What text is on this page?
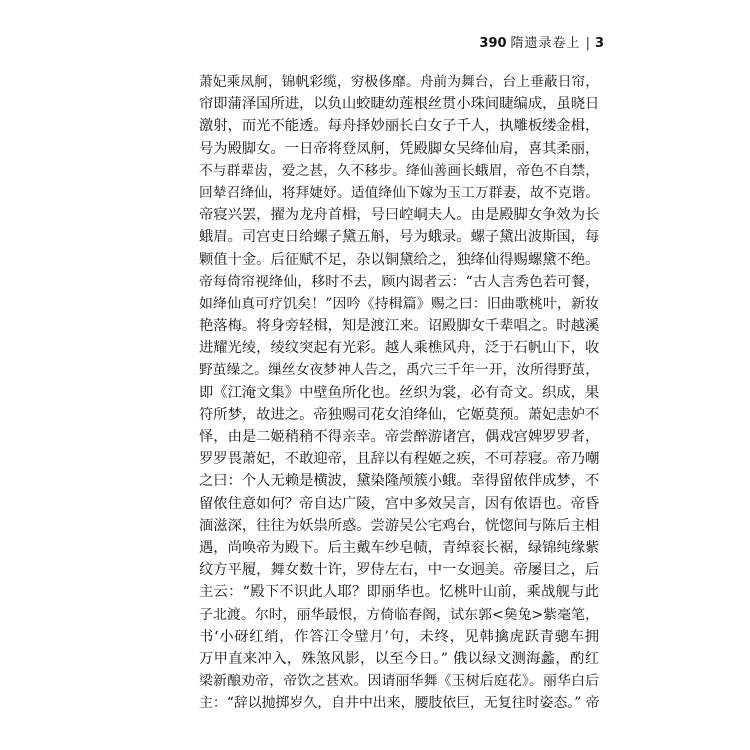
390 隋遗录卷上 | 3
萧妃乘凤舸，锦帆彩缆，穷极侈靡。舟前为舞台，台上垂蔽日帘，
帘即蒲泽国所进，以负山蛟睫幼莲根丝贯小珠间睫编成，虽晓日
激射，而光不能透。每舟择妙丽长白女子千人，执雕板缕金楫，
号为殿脚女。一日帝将登凤舸，凭殿脚女吴绛仙肩，喜其柔丽，
不与群辈齿，爱之甚，久不移步。绛仙善画长蛾眉，帝色不自禁，
回辇召绛仙，将拜婕妤。适值绛仙下嫁为玉工万群妻，故不克谐。
帝寝兴罢，擢为龙舟首楫，号曰崆峒夫人。由是殿脚女争效为长
蛾眉。司宫吏日给螺子黛五斛，号为蛾录。螺子黛出波斯国，每
颗值十金。后征赋不足，杂以铜黛给之，独绛仙得赐螺黛不绝。
帝每倚帘视绛仙，移时不去，顾内谒者云：“古人言秀色若可餐，
如绛仙真可疗饥矣！”因吟《持楫篇》赐之曰：旧曲歌桃叶，新妆
艳落梅。将身旁轻楫，知是渡江来。诏殿脚女千辈唱之。时越溪
进耀光绫，绫纹突起有光彩。越人乘樵风舟，泛于石帆山下，收
野茧缲之。缫丝女夜梦神人告之，禹穴三千年一开，汝所得野茧，
即《江淹文集》中壁鱼所化也。丝织为裳，必有奇文。织成，果
符所梦，故进之。帝独赐司花女洎绛仙，它姬莫预。萧妃恚妒不
怿，由是二姬稍稍不得亲幸。帝尝醉游诸宫，偶戏宫婢罗罗者，
罗罗畏萧妃，不敢迎帝，且辞以有程姬之疾，不可荐寝。帝乃嘲
之曰：个人无赖是横波，黛染隆颅簇小蛾。幸得留侬伴成梦，不
留侬住意如何？帝自达广陵，宫中多效吴言，因有侬语也。帝昏
湎滋深，往往为妖祟所惑。尝游吴公宅鸡台，恍惚间与陈后主相
遇，尚唤帝为殿下。后主戴车纱皂帻，青绰衮长裾，绿锦纯缘紫
纹方平履，舞女数十许，罗侍左右，中一女迥美。帝屡目之，后
主云：“殿下不识此人耶？即丽华也。忆桃叶山前，乘战舰与此
子北渡。尔时，丽华最恨，方倚临春阁，试东郭<㚟兔>紫毫笔，
书‘小砑红绡，作答江令璧月’句，未终，见韩擒虎跃青骢车拥
万甲直来冲入，殊煞风影，以至今日。” 俄以绿文测海蠡，酌红
梁新酿劝帝，帝饮之甚欢。因请丽华舞《玉树后庭花》。丽华白后
主：“辞以抛掷岁久，自井中出来，腰肢依巨，无复往时姿态。” 帝
